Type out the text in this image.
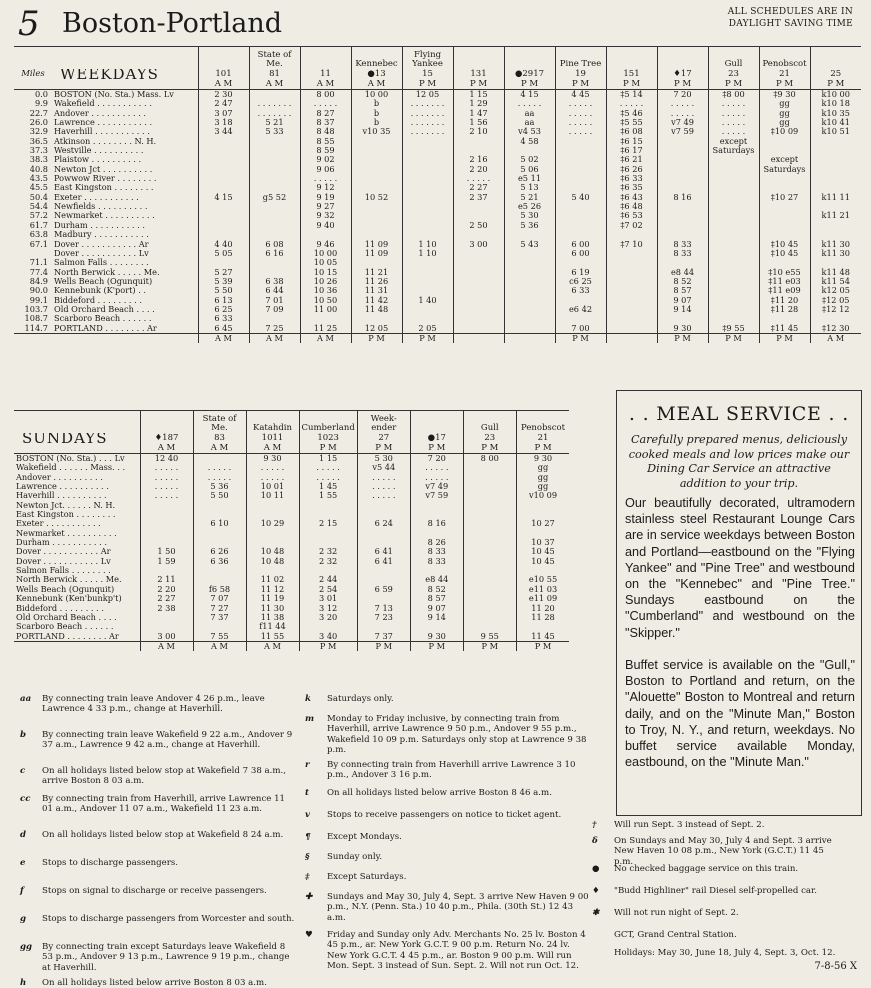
5 Boston-Portland	ALL SCHEDULES ARE IN
DAYLIGHT SAVING TIME
			State of Me.		Kennebec	Flying Yankee			Pine Tree			Gull	Penobscot	
Miles	WEEKDAYS	101	81	11	●13	15	131	●2917	19	151	♦17	23	21	25
		A M	A M	A M	A M	P M	P M	P M	P M	P M	P M	P M	P M	P M
0.0	BOSTON (No. Sta.) Mass. Lv	2 30		8 00	10 00	12 05	1 15	4 15	4 45	‡5 14	7 20	‡8 00	‡9 30	k10 00
9.9	Wakefield . . . . . . . . . . .	2 47	. . . . . . .	. . . . .	b	. . . . . . .	1 29	. . . . .	. . . . .	. . . . .	. . . . .	. . . . .	gg	k10 18
22.7	Andover . . . . . . . . . . .	3 07	. . . . . . .	8 27	b	. . . . . . .	1 47	aa	. . . . .	‡5 46	. . . . .	. . . . .	gg	k10 35
26.0	Lawrence . . . . . . . . . . .	3 18	5 21	8 37	b	. . . . . . .	1 56	aa	. . . . .	‡5 55	v7 49	. . . . .	gg	k10 41
32.9	Haverhill . . . . . . . . . . .	3 44	5 33	8 48	v10 35	. . . . . . .	2 10	v4 53	. . . . .	‡6 08	v7 59	. . . . .	‡10 09	k10 51
36.5	Atkinson . . . . . . . . N. H.			8 55				4 58		‡6 15		except		
37.3	Westville . . . . . . . . . .			8 59						‡6 17		Saturdays		

38.3	Plaistow . . . . . . . . . .			9 02			2 16	5 02		‡6 21			except	
40.8	Newton Jct . . . . . . . . . .			9 06			2 20	5 06		‡6 26			Saturdays	
43.5	Powwow River . . . . . . . .			. . . . .			. . . . .	e5 11		‡6 33				
45.5	East Kingston . . . . . . . .			9 12			2 27	5 13		‡6 35				
50.4	Exeter . . . . . . . . . . .	4 15	g5 52	9 19	10 52		2 37	5 21	5 40	‡6 43	8 16		‡10 27	k11 11

54.4	Newfields . . . . . . . . . .			9 27				e5 26		‡6 48				
57.2	Newmarket . . . . . . . . . .			9 32				5 30		‡6 53				k11 21
61.7	Durham . . . . . . . . . . .			9 40			2 50	5 36		‡7 02				
63.8	Madbury . . . . . . . . . . .													
67.1	Dover . . . . . . . . . . . Ar	4 40	6 08	9 46	11 09	1 10	3 00	5 43	6 00	‡7 10	8 33		‡10 45	k11 30

	Dover . . . . . . . . . . . Lv	5 05	6 16	10 00	11 09	1 10			6 00		8 33		‡10 45	k11 30
71.1	Salmon Falls . . . . . . . .			10 05										
77.4	North Berwick . . . . . Me.	5 27		10 15	11 21				6 19		e8 44		‡10 e55	k11 48
84.9	Wells Beach (Ogunquit)	5 39	6 38	10 26	11 26				c6 25		8 52		‡11 e03	k11 54
90.0	Kennebunk (K'port) . .	5 50	6 44	10 36	11 31				6 33		8 57		‡11 e09	k12 05
99.1	Biddeford . . . . . . . . .	6 13	7 01	10 50	11 42	1 40					9 07		‡11 20	‡12 05

103.7	Old Orchard Beach . . . .	6 25	7 09	11 00	11 48				e6 42		9 14		‡11 28	‡12 12
108.7	Scarboro Beach . . . . . .	6 33												
114.7	PORTLAND . . . . . . . . Ar	6 45	7 25	11 25	12 05	2 05			7 00		9 30	‡9 55	‡11 45	‡12 30
		A M	A M	A M	P M	P M			P M		P M	P M	P M	A M
		State of Me.	Katahdin	Cumberland	Week-ender		Gull	Penobscot
SUNDAYS	♦187	83	1011	1023	27	●17	23	21
	A M	A M	A M	P M	P M	P M	P M	P M
BOSTON (No. Sta.) . . . Lv	12 40		9 30	1 15	5 30	7 20	8 00	9 30
Wakefield . . . . . . Mass. . .	. . . . .	. . . . .	. . . . .	. . . . .	v5 44	. . . . .		gg
Andover . . . . . . . . . .	. . . . .	. . . . .	. . . . .	. . . . .	. . . . .	. . . . .		gg
Lawrence . . . . . . . . . .	. . . . .	5 36	10 01	1 45	. . . . .	v7 49		gg
Haverhill . . . . . . . . . .	. . . . .	5 50	10 11	1 55	. . . . .	v7 59		v10 09
Newton Jct. . . . . . N. H.								

East Kingston . . . . . . . .								
Exeter . . . . . . . . . . .		6 10	10 29	2 15	6 24	8 16		10 27
Newmarket . . . . . . . . . .								
Durham . . . . . . . . . . .						8 26		10 37
Dover . . . . . . . . . . . Ar	1 50	6 26	10 48	2 32	6 41	8 33		10 45

Dover . . . . . . . . . . . Lv	1 59	6 36	10 48	2 32	6 41	8 33		10 45
Salmon Falls . . . . . . . .								
North Berwick . . . . . Me.	2 11		11 02	2 44		e8 44		e10 55
Wells Beach (Ogunquit)	2 20	f6 58	11 12	2 54	6 59	8 52		e11 03

Kennebunk (Ken'bunkp't)	2 27	7 07	11 19	3 01		8 57		e11 09
Biddeford . . . . . . . . .	2 38	7 27	11 30	3 12	7 13	9 07		11 20
Old Orchard Beach . . . .		7 37	11 38	3 20	7 23	9 14		11 28
Scarboro Beach . . . . . .			f11 44					
PORTLAND . . . . . . . . Ar	3 00	7 55	11 55	3 40	7 37	9 30	9 55	11 45
	A M	A M	A M	P M	P M	P M	P M	P M
. . MEAL SERVICE . .
Carefully prepared menus, deliciously cooked meals and low prices make our Dining Car Service an attractive addition to your trip.
Our beautifully decorated, ultramodern stainless steel Restaurant Lounge Cars are in service weekdays between Boston and Portland—eastbound on the "Flying Yankee" and "Pine Tree" and westbound on the "Kennebec" and "Pine Tree." Sundays eastbound on the "Cumberland" and westbound on the "Skipper."
Buffet service is available on the "Gull," Boston to Portland and return, on the "Alouette" Boston to Montreal and return daily, and on the "Minute Man," Boston to Troy, N. Y., and return, weekdays. No buffet service available Monday, eastbound, on the "Minute Man."
aa	By connecting train leave Andover 4 26 p.m., leave Lawrence 4 33 p.m., change at Haverhill.
b	By connecting train leave Wakefield 9 22 a.m., Andover 9 37 a.m., Lawrence 9 42 a.m., change at Haverhill.
c	On all holidays listed below stop at Wakefield 7 38 a.m., arrive Boston 8 03 a.m.
cc	By connecting train from Haverhill, arrive Lawrence 11 01 a.m., Andover 11 07 a.m., Wakefield 11 23 a.m.
d	On all holidays listed below stop at Wakefield 8 24 a.m.
e	Stops to discharge passengers.
f	Stops on signal to discharge or receive passengers.
g	Stops to discharge passengers from Worcester and south.
gg	By connecting train except Saturdays leave Wakefield 8 53 p.m., Andover 9 13 p.m., Lawrence 9 19 p.m., change at Haverhill.
h	On all holidays listed below arrive Boston 8 03 a.m.
k	Saturdays only.
m	Monday to Friday inclusive, by connecting train from Haverhill, arrive Lawrence 9 50 p.m., Andover 9 55 p.m., Wakefield 10 09 p.m. Saturdays only stop at Lawrence 9 38 p.m.
r	By connecting train from Haverhill arrive Lawrence 3 10 p.m., Andover 3 16 p.m.
t	On all holidays listed below arrive Boston 8 46 a.m.
v	Stops to receive passengers on notice to ticket agent.
¶	Except Mondays.
§	Sunday only.
‡	Except Saturdays.
✚	Sundays and May 30, July 4, Sept. 3 arrive New Haven 9 00 p.m., N.Y. (Penn. Sta.) 10 40 p.m., Phila. (30th St.) 12 43 a.m.
♥	Friday and Sunday only Adv. Merchants No. 25 lv. Boston 4 45 p.m., ar. New York G.C.T. 9 00 p.m. Return No. 24 lv. New York G.C.T. 4 45 p.m., ar. Boston 9 00 p.m. Will run Mon. Sept. 3 instead of Sun. Sept. 2. Will not run Oct. 12.
†	Will run Sept. 3 instead of Sept. 2.
δ	On Sundays and May 30, July 4 and Sept. 3 arrive New Haven 10 08 p.m., New York (G.C.T.) 11 45 p.m.
●	No checked baggage service on this train.
♦	"Budd Highliner" rail Diesel self-propelled car.
✱	Will not run night of Sept. 2.
GCT, Grand Central Station.
Holidays: May 30, June 18, July 4, Sept. 3, Oct. 12.
7-8-56 X
